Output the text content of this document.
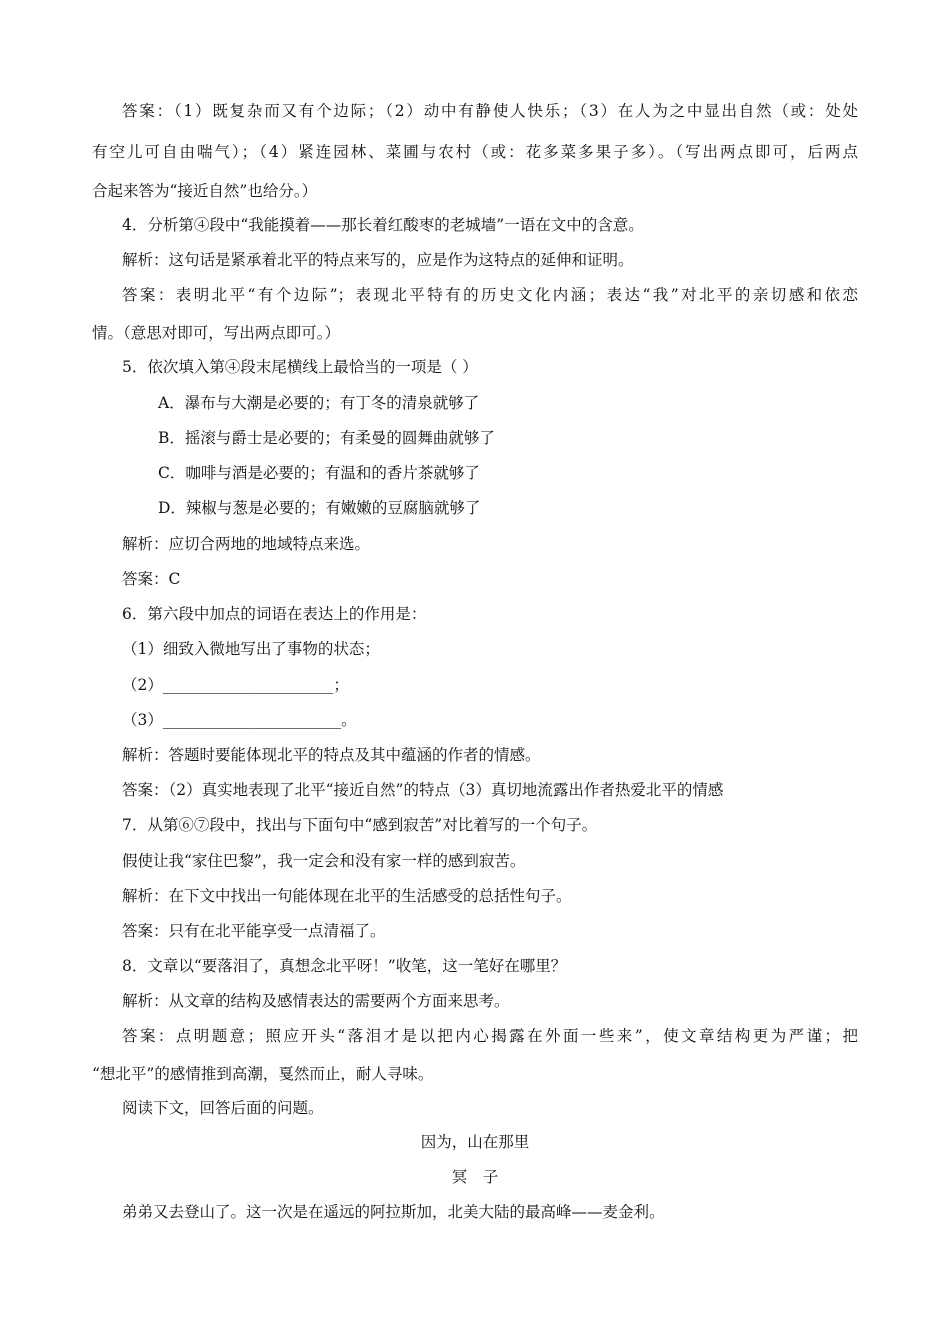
答案：（1）既复杂而又有个边际；（2）动中有静使人快乐；（3）在人为之中显出自然（或：处处
有空儿可自由喘气）；（4）紧连园林、菜圃与农村（或：花多菜多果子多）。（写出两点即可，后两点
合起来答为“接近自然”也给分。）
4．分析第④段中“我能摸着——那长着红酸枣的老城墙”一语在文中的含意。
解析：这句话是紧承着北平的特点来写的，应是作为这特点的延伸和证明。
答案：表明北平“有个边际”；表现北平特有的历史文化内涵；表达“我”对北平的亲切感和依恋
情。（意思对即可，写出两点即可。）
5．依次填入第④段末尾横线上最恰当的一项是（ ）
A．瀑布与大潮是必要的；有丁冬的清泉就够了
B．摇滚与爵士是必要的；有柔曼的圆舞曲就够了
C．咖啡与酒是必要的；有温和的香片茶就够了
D．辣椒与葱是必要的；有嫩嫩的豆腐脑就够了
解析：应切合两地的地域特点来选。
答案：C
6．第六段中加点的词语在表达上的作用是：
（1）细致入微地写出了事物的状态；
（2）______________________；
（3）_______________________。
解析：答题时要能体现北平的特点及其中蕴涵的作者的情感。
答案：（2）真实地表现了北平“接近自然”的特点（3）真切地流露出作者热爱北平的情感
7．从第⑥⑦段中，找出与下面句中“感到寂苦”对比着写的一个句子。
假使让我“家住巴黎”，我一定会和没有家一样的感到寂苦。
解析：在下文中找出一句能体现在北平的生活感受的总括性句子。
答案：只有在北平能享受一点清福了。
8．文章以“要落泪了，真想念北平呀！”收笔，这一笔好在哪里？
解析：从文章的结构及感情表达的需要两个方面来思考。
答案：点明题意；照应开头“落泪才是以把内心揭露在外面一些来”，使文章结构更为严谨；把
“想北平”的感情推到高潮，戛然而止，耐人寻味。
阅读下文，回答后面的问题。
因为，山在那里
冥　子
弟弟又去登山了。这一次是在遥远的阿拉斯加，北美大陆的最高峰——麦金利。
